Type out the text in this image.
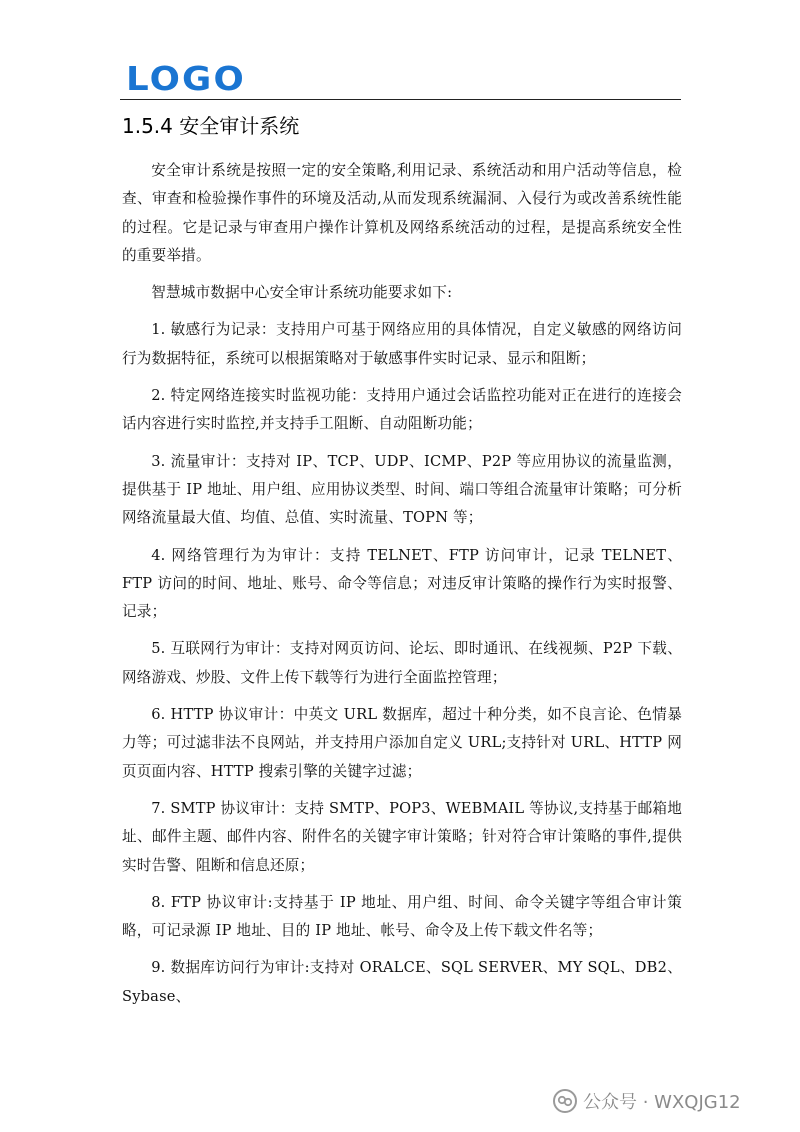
LOGO
1.5.4 安全审计系统

安全审计系统是按照一定的安全策略,利用记录、系统活动和用户活动等信息，检查、审查和检验操作事件的环境及活动,从而发现系统漏洞、入侵行为或改善系统性能的过程。它是记录与审查用户操作计算机及网络系统活动的过程，是提高系统安全性的重要举措。

智慧城市数据中心安全审计系统功能要求如下:

1. 敏感行为记录：支持用户可基于网络应用的具体情况，自定义敏感的网络访问行为数据特征，系统可以根据策略对于敏感事件实时记录、显示和阻断；

2. 特定网络连接实时监视功能：支持用户通过会话监控功能对正在进行的连接会话内容进行实时监控,并支持手工阻断、自动阻断功能；

3. 流量审计：支持对 IP、TCP、UDP、ICMP、P2P 等应用协议的流量监测，提供基于 IP 地址、用户组、应用协议类型、时间、端口等组合流量审计策略；可分析网络流量最大值、均值、总值、实时流量、TOPN 等；

4. 网络管理行为为审计：支持 TELNET、FTP 访问审计，记录 TELNET、FTP 访问的时间、地址、账号、命令等信息；对违反审计策略的操作行为实时报警、记录；

5. 互联网行为审计：支持对网页访问、论坛、即时通讯、在线视频、P2P 下载、网络游戏、炒股、文件上传下载等行为进行全面监控管理；

6. HTTP 协议审计：中英文 URL 数据库，超过十种分类，如不良言论、色情暴力等；可过滤非法不良网站，并支持用户添加自定义 URL;支持针对 URL、HTTP 网页页面内容、HTTP 搜索引擎的关键字过滤；

7. SMTP 协议审计：支持 SMTP、POP3、WEBMAIL 等协议,支持基于邮箱地址、邮件主题、邮件内容、附件名的关键字审计策略；针对符合审计策略的事件,提供实时告警、阻断和信息还原；

8. FTP 协议审计:支持基于 IP 地址、用户组、时间、命令关键字等组合审计策略，可记录源 IP 地址、目的 IP 地址、帐号、命令及上传下载文件名等；

9. 数据库访问行为审计:支持对 ORALCE、SQL SERVER、MY SQL、DB2、Sybase、

公众号 · WXQJG12
